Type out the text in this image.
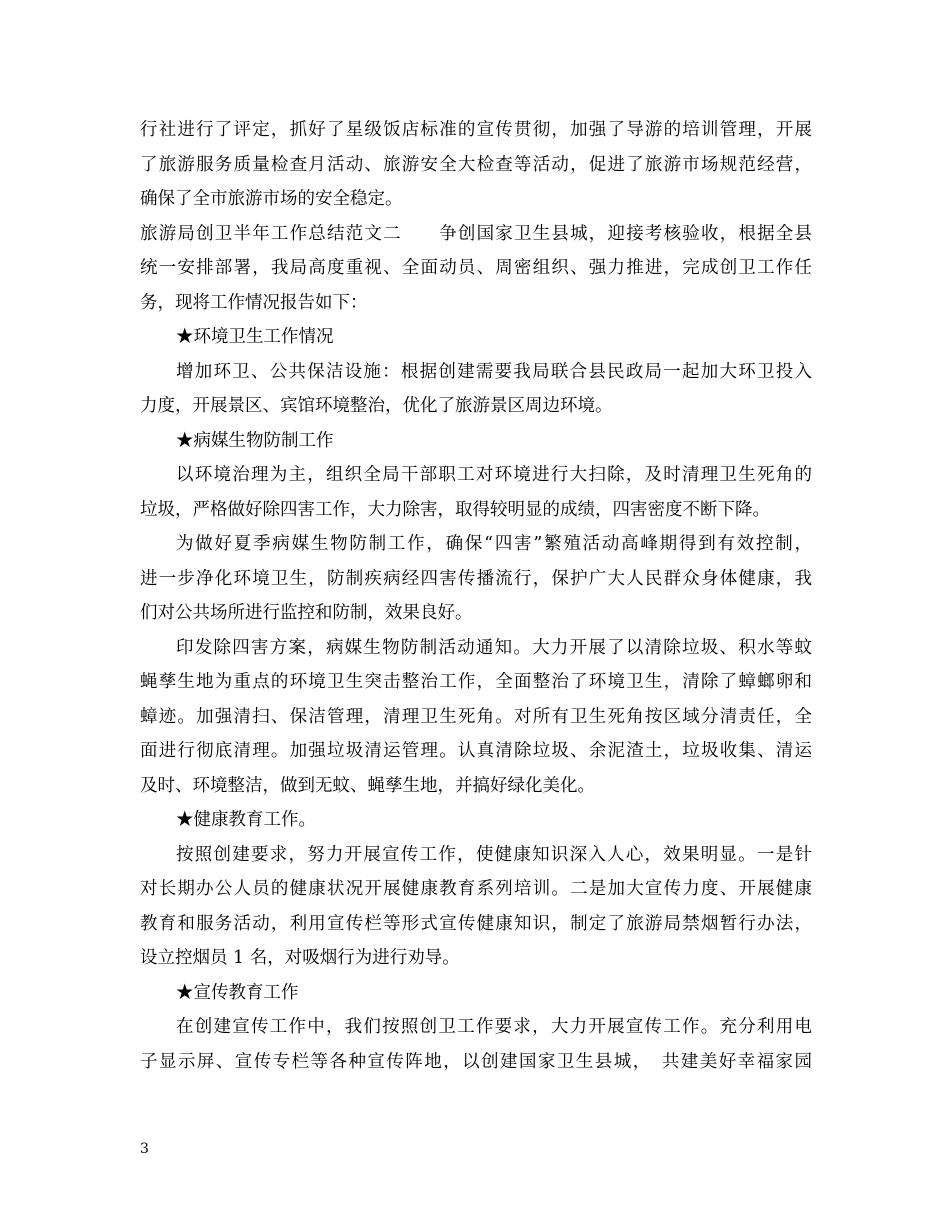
行社进行了评定，抓好了星级饭店标准的宣传贯彻，加强了导游的培训管理，开展
了旅游服务质量检查月活动、旅游安全大检查等活动，促进了旅游市场规范经营，
确保了全市旅游市场的安全稳定。
旅游局创卫半年工作总结范文二　　争创国家卫生县城，迎接考核验收，根据全县
统一安排部署，我局高度重视、全面动员、周密组织、强力推进，完成创卫工作任
务，现将工作情况报告如下：
★环境卫生工作情况
增加环卫、公共保洁设施：根据创建需要我局联合县民政局一起加大环卫投入
力度，开展景区、宾馆环境整治，优化了旅游景区周边环境。
★病媒生物防制工作
以环境治理为主，组织全局干部职工对环境进行大扫除，及时清理卫生死角的
垃圾，严格做好除四害工作，大力除害，取得较明显的成绩，四害密度不断下降。
为做好夏季病媒生物防制工作，确保“四害”繁殖活动高峰期得到有效控制，
进一步净化环境卫生，防制疾病经四害传播流行，保护广大人民群众身体健康，我
们对公共场所进行监控和防制，效果良好。
印发除四害方案，病媒生物防制活动通知。大力开展了以清除垃圾、积水等蚊
蝇孳生地为重点的环境卫生突击整治工作，全面整治了环境卫生，清除了蟑螂卵和
蟑迹。加强清扫、保洁管理，清理卫生死角。对所有卫生死角按区域分清责任，全
面进行彻底清理。加强垃圾清运管理。认真清除垃圾、余泥渣土，垃圾收集、清运
及时、环境整洁，做到无蚊、蝇孳生地，并搞好绿化美化。
★健康教育工作。
按照创建要求，努力开展宣传工作，使健康知识深入人心，效果明显。一是针
对长期办公人员的健康状况开展健康教育系列培训。二是加大宣传力度、开展健康
教育和服务活动，利用宣传栏等形式宣传健康知识，制定了旅游局禁烟暂行办法，
设立控烟员 1 名，对吸烟行为进行劝导。
★宣传教育工作
在创建宣传工作中，我们按照创卫工作要求，大力开展宣传工作。充分利用电
子显示屏、宣传专栏等各种宣传阵地，以创建国家卫生县城，　共建美好幸福家园
3
